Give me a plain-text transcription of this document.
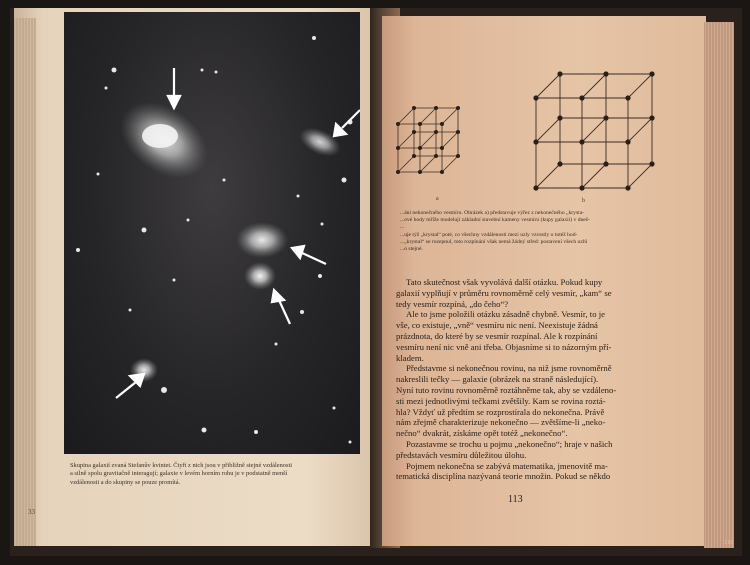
Skupina galaxií zvaná Stefanův kvintet. Čtyři z nich jsou v přibližně stejné vzdálenosti
a silně spolu gravitačně interagují; galaxie v levém horním rohu je v podstatně menší
vzdálenosti a do skupiny se pouze promítá.
33
a	b
...ání nekonečného vesmíru. Obrázek a) představuje výřez z nekonečného „krysta-
...ové body mříže modelují základní stavební kameny vesmíru (kupy galaxií) v dneš-
...
...uje týž „krystal“ poté, co všechny vzdálenosti mezi uzly vzrostly o tutéž hod-
...„krystal“ se rozepnul, toto rozpínání však nemá žádný střed: postavení všech uzlů
...o stejné.
Tato skutečnost však vyvolává další otázku. Pokud kupy
galaxií vyplňují v průměru rovnoměrně celý vesmír, „kam“ se
tedy vesmír rozpíná, „do čeho“?
Ale to jsme položili otázku zásadně chybně. Vesmír, to je
vše, co existuje, „vně“ vesmíru nic není. Neexistuje žádná
prázdnota, do které by se vesmír rozpínal. Ale k rozpínání
vesmíru není nic vně ani třeba. Objasníme si to názorným pří-
kladem.
Představme si nekonečnou rovinu, na niž jsme rovnoměrně
nakreslili tečky — galaxie (obrázek na straně následující).
Nyní tuto rovinu rovnoměrně roztáhněme tak, aby se vzdáleno-
sti mezi jednotlivými tečkami zvětšily. Kam se rovina roztá-
hla? Vždyť už předtím se rozprostírala do nekonečna. Právě
nám zřejmě charakterizuje nekonečno — zvětšíme-li „neko-
nečno“ dvakrát, získáme opět totéž „nekonečno“.
Pozastavme se trochu u pojmu „nekonečno“; hraje v našich
představách vesmíru důležitou úlohu.
Pojmem nekonečna se zabývá matematika, jmenovitě ma-
tematická disciplína nazývaná teorie množin. Pokud se někdo
113
119
